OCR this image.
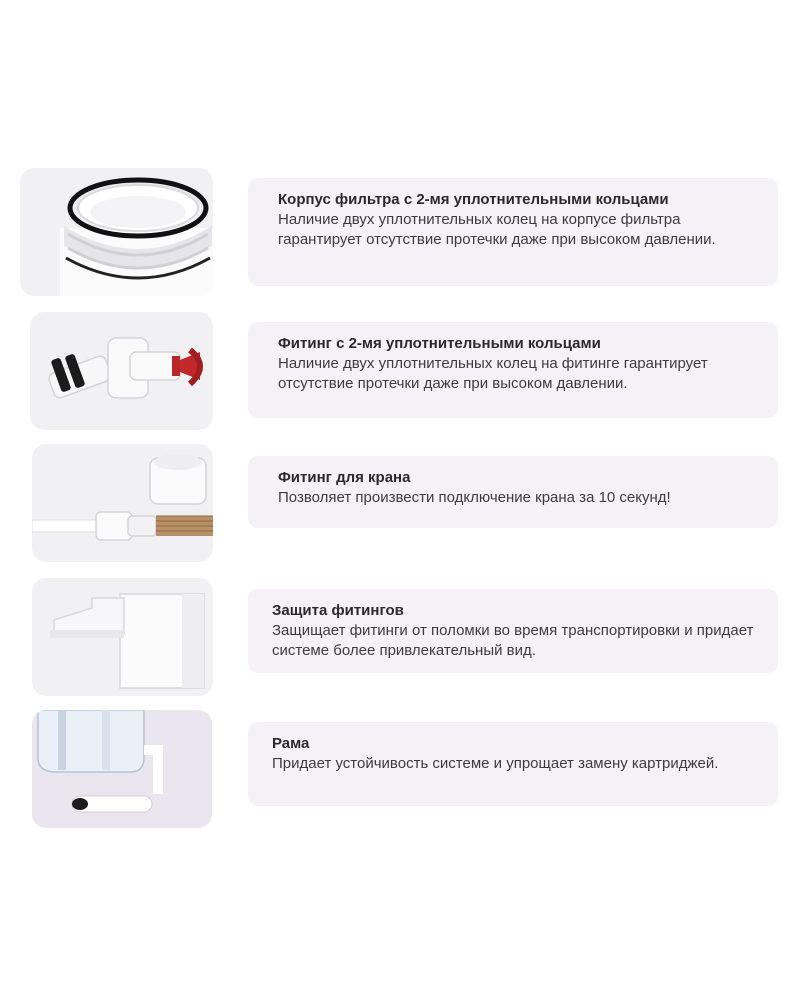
Корпус фильтра с 2-мя уплотнительными кольцами
Наличие двух уплотнительных колец на корпусе фильтра гарантирует отсутствие протечки даже при высоком давлении.
Фитинг с 2-мя уплотнительными кольцами
Наличие двух уплотнительных колец на фитинге гарантирует отсутствие протечки даже при высоком давлении.
Фитинг для крана
Позволяет произвести подключение крана за 10 секунд!
Защита фитингов
Защищает фитинги от поломки во время транспортировки и придает системе более привлекательный вид.
Рама
Придает устойчивость системе и упрощает замену картриджей.
